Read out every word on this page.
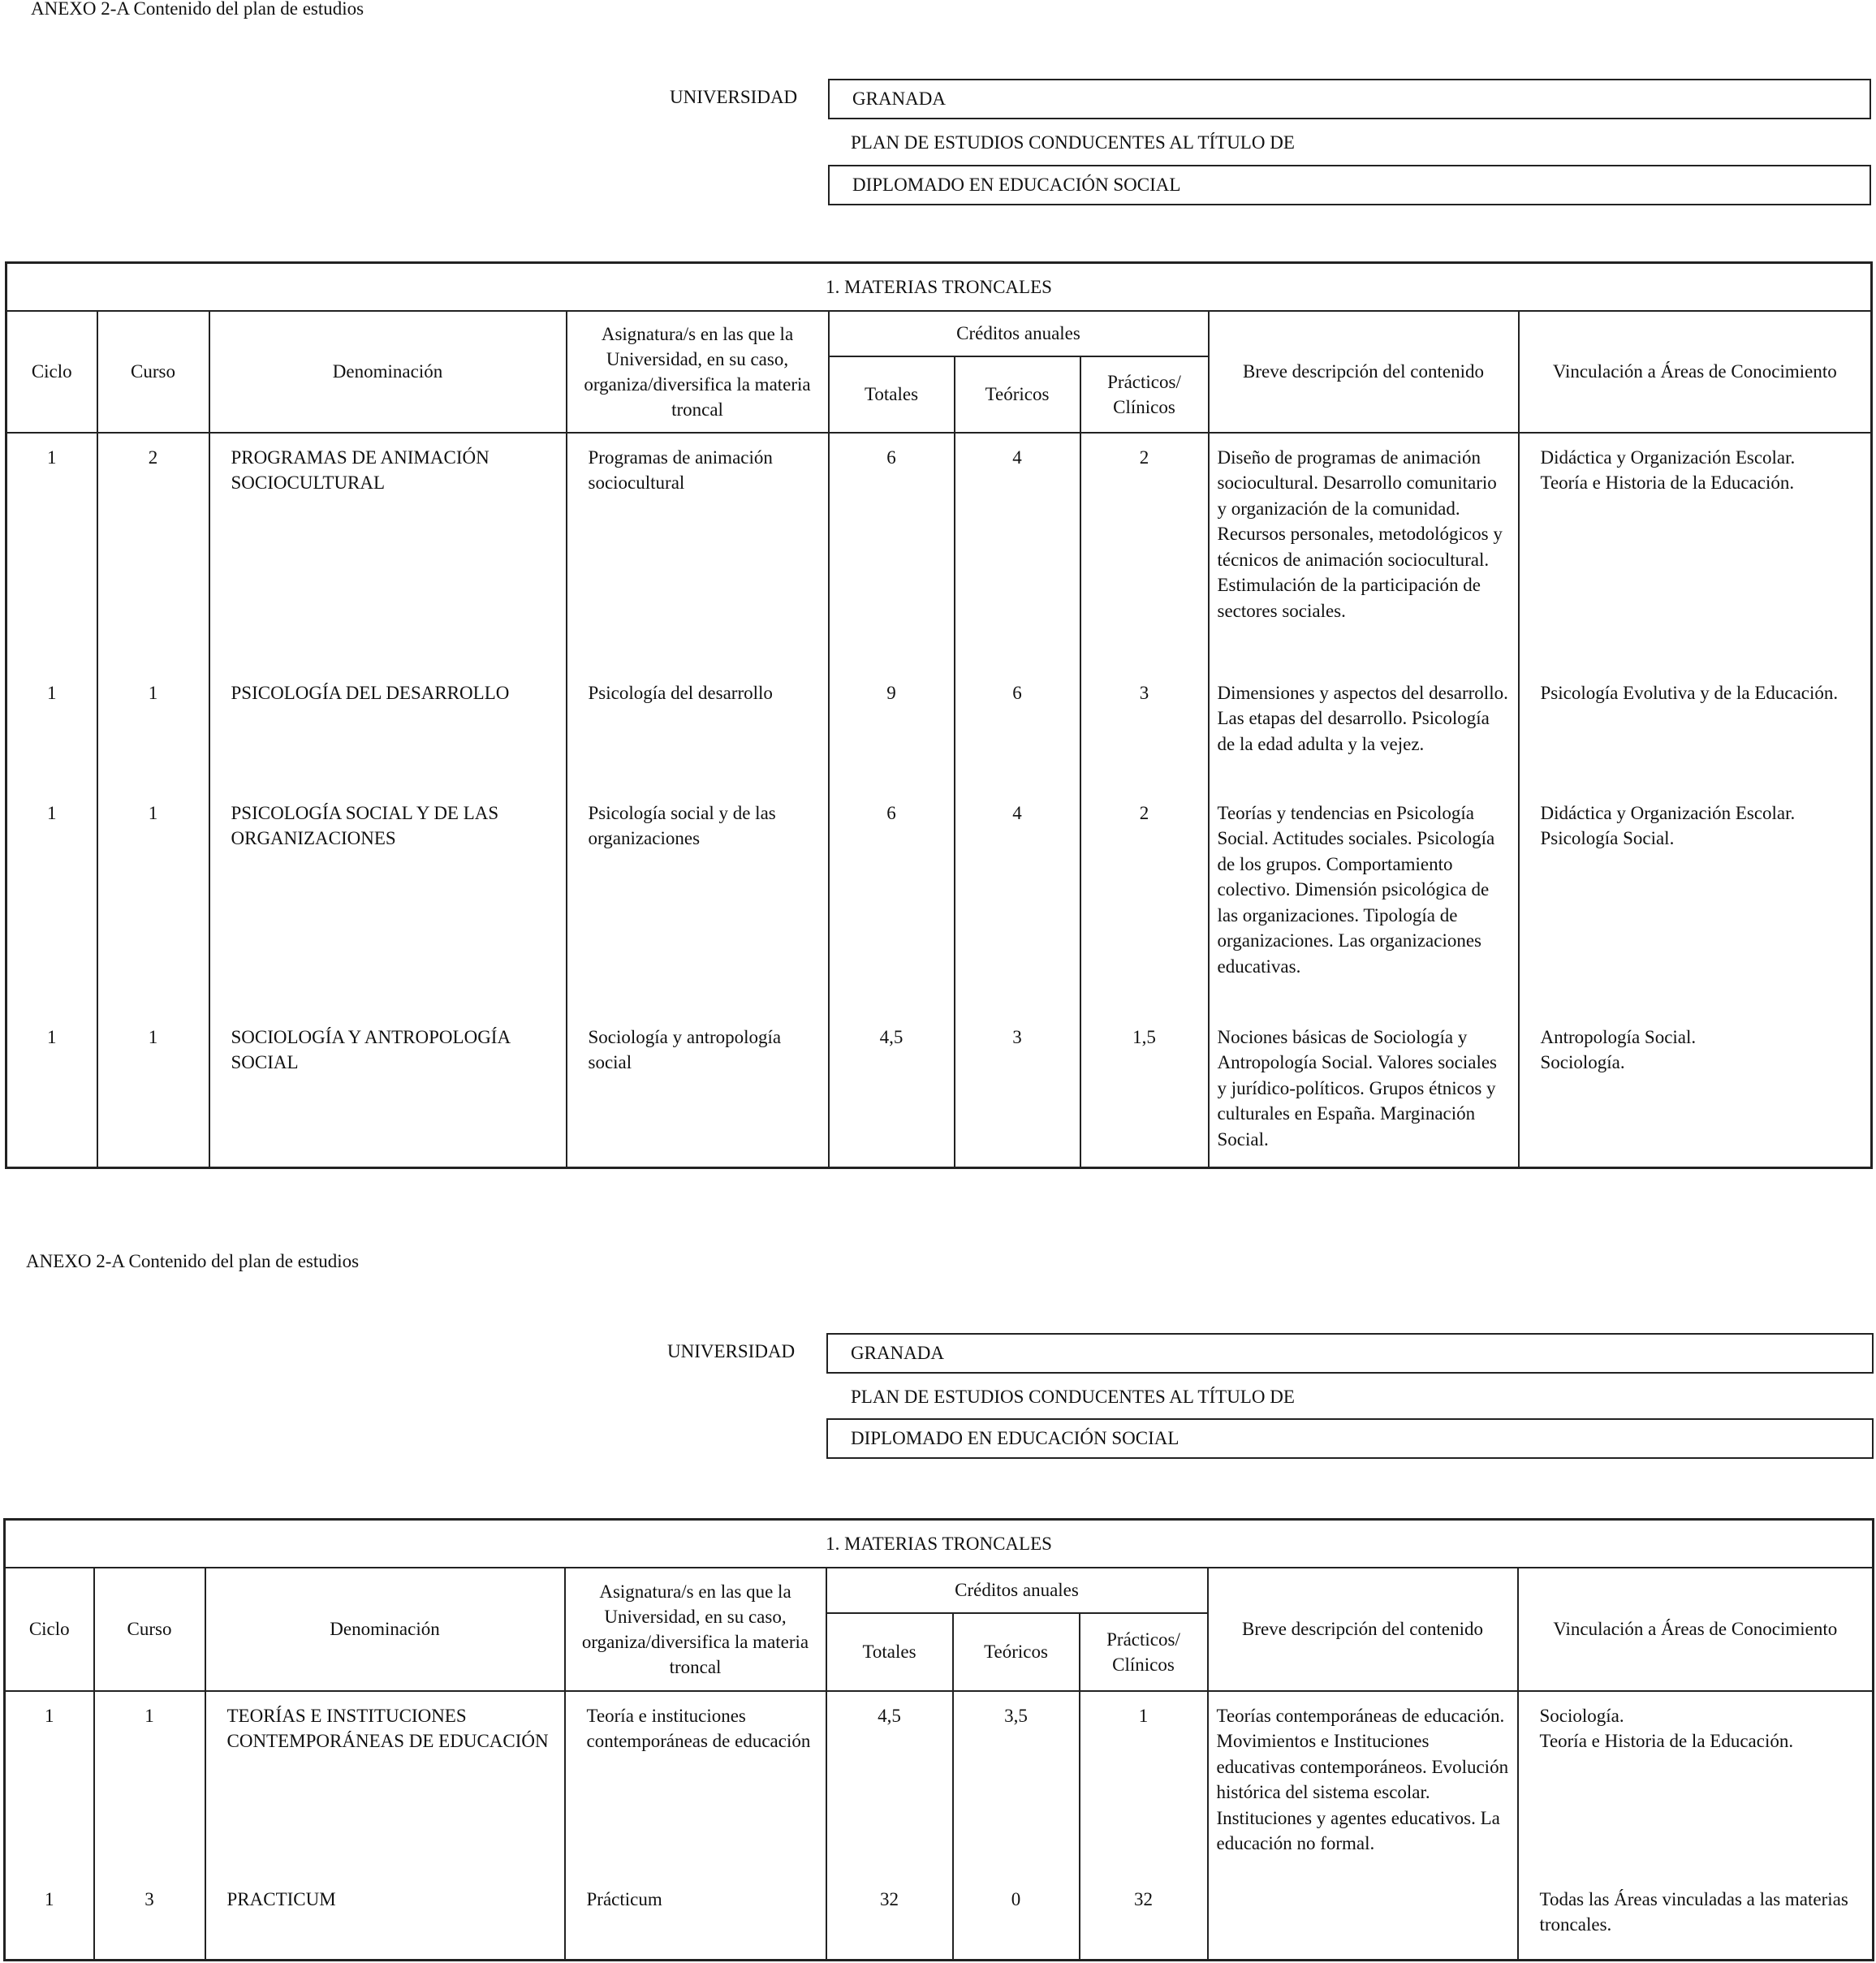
ANEXO 2-A Contenido del plan de estudios
UNIVERSIDAD	GRANADA
PLAN DE ESTUDIOS CONDUCENTES AL TÍTULO DE
DIPLOMADO EN EDUCACIÓN SOCIAL
1. MATERIAS TRONCALES								
Ciclo	Curso	Denominación	Asignatura/s en las que la Universidad, en su caso, organiza/diversifica la materia troncal	Créditos anuales			Breve descripción del contenido	Vinculación a Áreas de Conocimiento
				Totales	Teóricos	Prácticos/ Clínicos		
1	2	PROGRAMAS DE ANIMACIÓN SOCIOCULTURAL	Programas de animación sociocultural	6	4	2	Diseño de programas de animación sociocultural. Desarrollo comunitario y organización de la comunidad. Recursos personales, metodológicos y técnicos de animación sociocultural. Estimulación de la participación de sectores sociales.	Didáctica y Organización Escolar.
Teoría e Historia de la Educación.
1	1	PSICOLOGÍA DEL DESARROLLO	Psicología del desarrollo	9	6	3	Dimensiones y aspectos del desarrollo. Las etapas del desarrollo. Psicología de la edad adulta y la vejez.	Psicología Evolutiva y de la Educación.
1	1	PSICOLOGÍA SOCIAL Y DE LAS ORGANIZACIONES	Psicología social y de las organizaciones	6	4	2	Teorías y tendencias en Psicología Social. Actitudes sociales. Psicología de los grupos. Comportamiento colectivo. Dimensión psicológica de las organizaciones. Tipología de organizaciones. Las organizaciones educativas.	Didáctica y Organización Escolar.
Psicología Social.
1	1	SOCIOLOGÍA Y ANTROPOLOGÍA SOCIAL	Sociología y antropología social	4,5	3	1,5	Nociones básicas de Sociología y Antropología Social. Valores sociales y jurídico-políticos. Grupos étnicos y culturales en España. Marginación Social.	Antropología Social.
Sociología.
ANEXO 2-A Contenido del plan de estudios
UNIVERSIDAD	GRANADA
PLAN DE ESTUDIOS CONDUCENTES AL TÍTULO DE
DIPLOMADO EN EDUCACIÓN SOCIAL
1. MATERIAS TRONCALES								
Ciclo	Curso	Denominación	Asignatura/s en las que la Universidad, en su caso, organiza/diversifica la materia troncal	Créditos anuales			Breve descripción del contenido	Vinculación a Áreas de Conocimiento
				Totales	Teóricos	Prácticos/ Clínicos		
1	1	TEORÍAS E INSTITUCIONES CONTEMPORÁNEAS DE EDUCACIÓN	Teoría e instituciones contemporáneas de educación	4,5	3,5	1	Teorías contemporáneas de educación. Movimientos e Instituciones educativas contemporáneos. Evolución histórica del sistema escolar. Instituciones y agentes educativos. La educación no formal.	Sociología.
Teoría e Historia de la Educación.
1	3	PRACTICUM	Prácticum	32	0	32		Todas las Áreas vinculadas a las materias troncales.
